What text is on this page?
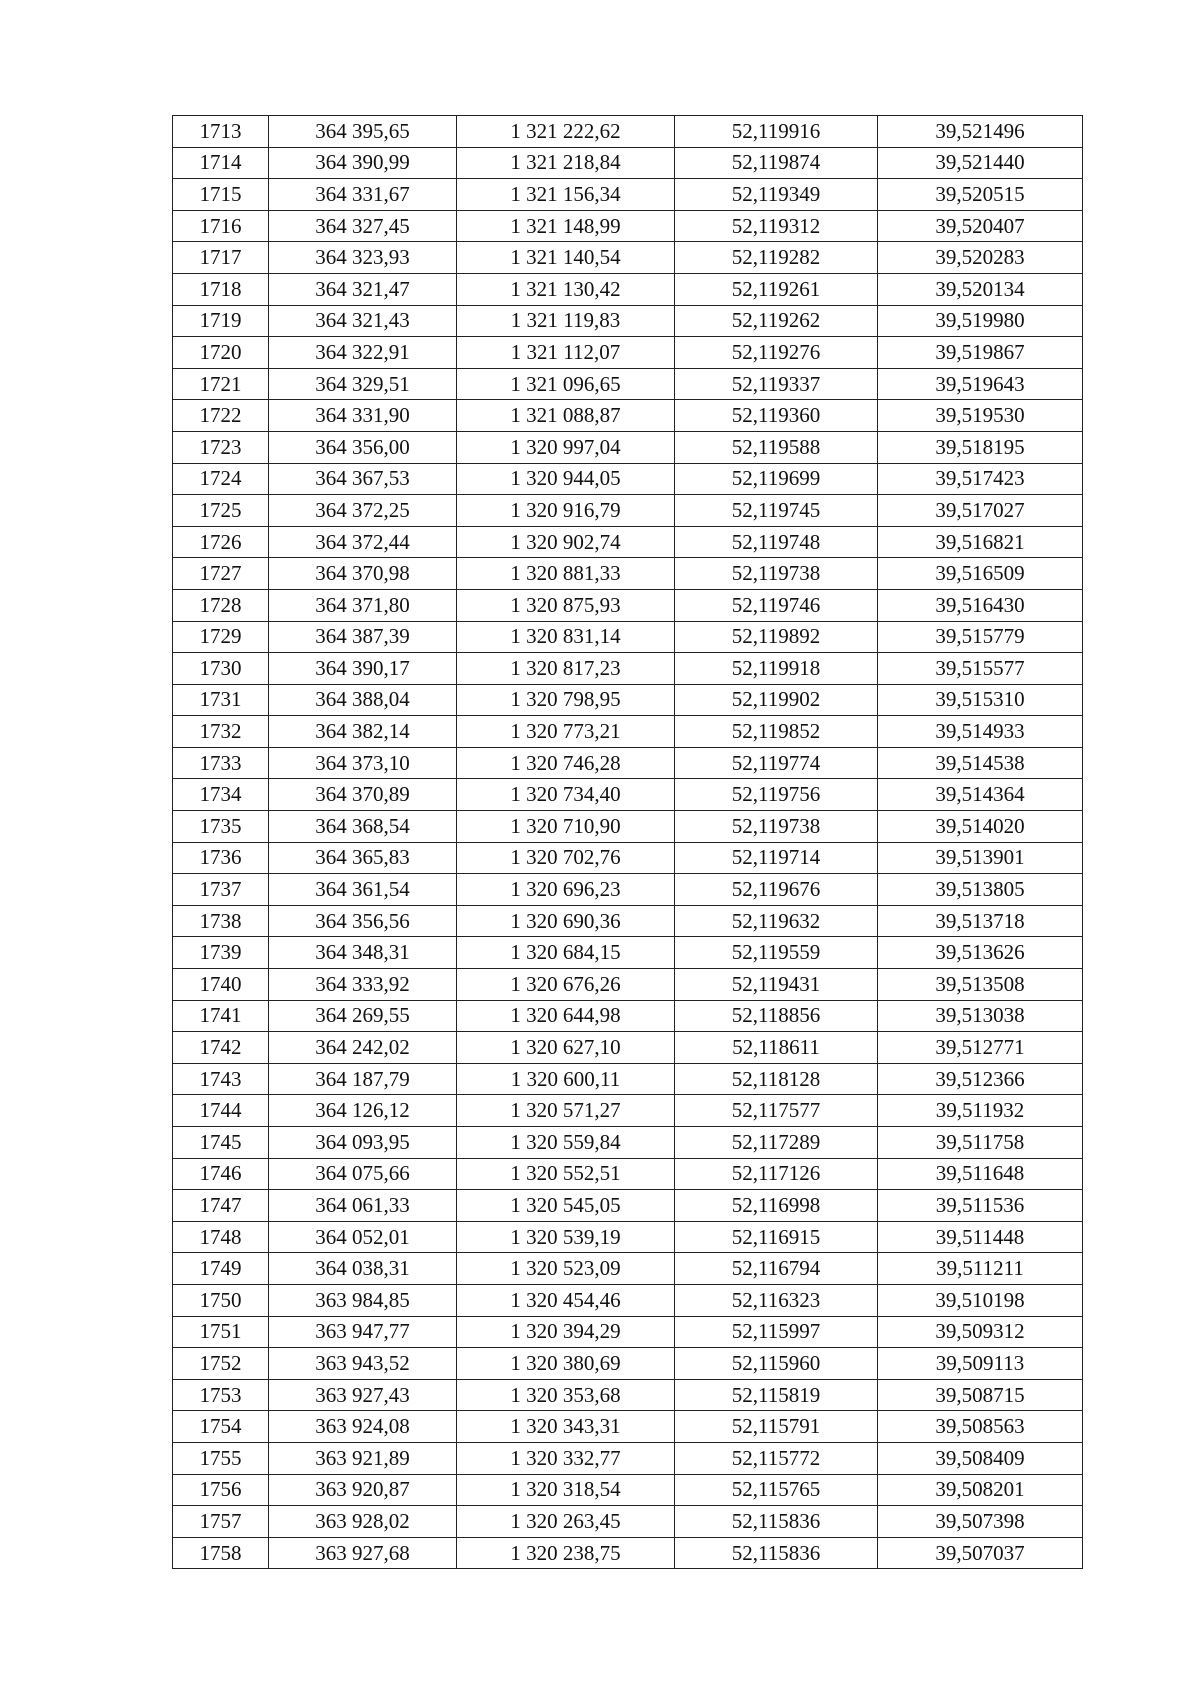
1713	364 395,65	1 321 222,62	52,119916	39,521496
1714	364 390,99	1 321 218,84	52,119874	39,521440
1715	364 331,67	1 321 156,34	52,119349	39,520515
1716	364 327,45	1 321 148,99	52,119312	39,520407
1717	364 323,93	1 321 140,54	52,119282	39,520283
1718	364 321,47	1 321 130,42	52,119261	39,520134
1719	364 321,43	1 321 119,83	52,119262	39,519980
1720	364 322,91	1 321 112,07	52,119276	39,519867
1721	364 329,51	1 321 096,65	52,119337	39,519643
1722	364 331,90	1 321 088,87	52,119360	39,519530
1723	364 356,00	1 320 997,04	52,119588	39,518195
1724	364 367,53	1 320 944,05	52,119699	39,517423
1725	364 372,25	1 320 916,79	52,119745	39,517027
1726	364 372,44	1 320 902,74	52,119748	39,516821
1727	364 370,98	1 320 881,33	52,119738	39,516509
1728	364 371,80	1 320 875,93	52,119746	39,516430
1729	364 387,39	1 320 831,14	52,119892	39,515779
1730	364 390,17	1 320 817,23	52,119918	39,515577
1731	364 388,04	1 320 798,95	52,119902	39,515310
1732	364 382,14	1 320 773,21	52,119852	39,514933
1733	364 373,10	1 320 746,28	52,119774	39,514538
1734	364 370,89	1 320 734,40	52,119756	39,514364
1735	364 368,54	1 320 710,90	52,119738	39,514020
1736	364 365,83	1 320 702,76	52,119714	39,513901
1737	364 361,54	1 320 696,23	52,119676	39,513805
1738	364 356,56	1 320 690,36	52,119632	39,513718
1739	364 348,31	1 320 684,15	52,119559	39,513626
1740	364 333,92	1 320 676,26	52,119431	39,513508
1741	364 269,55	1 320 644,98	52,118856	39,513038
1742	364 242,02	1 320 627,10	52,118611	39,512771
1743	364 187,79	1 320 600,11	52,118128	39,512366
1744	364 126,12	1 320 571,27	52,117577	39,511932
1745	364 093,95	1 320 559,84	52,117289	39,511758
1746	364 075,66	1 320 552,51	52,117126	39,511648
1747	364 061,33	1 320 545,05	52,116998	39,511536
1748	364 052,01	1 320 539,19	52,116915	39,511448
1749	364 038,31	1 320 523,09	52,116794	39,511211
1750	363 984,85	1 320 454,46	52,116323	39,510198
1751	363 947,77	1 320 394,29	52,115997	39,509312
1752	363 943,52	1 320 380,69	52,115960	39,509113
1753	363 927,43	1 320 353,68	52,115819	39,508715
1754	363 924,08	1 320 343,31	52,115791	39,508563
1755	363 921,89	1 320 332,77	52,115772	39,508409
1756	363 920,87	1 320 318,54	52,115765	39,508201
1757	363 928,02	1 320 263,45	52,115836	39,507398
1758	363 927,68	1 320 238,75	52,115836	39,507037
